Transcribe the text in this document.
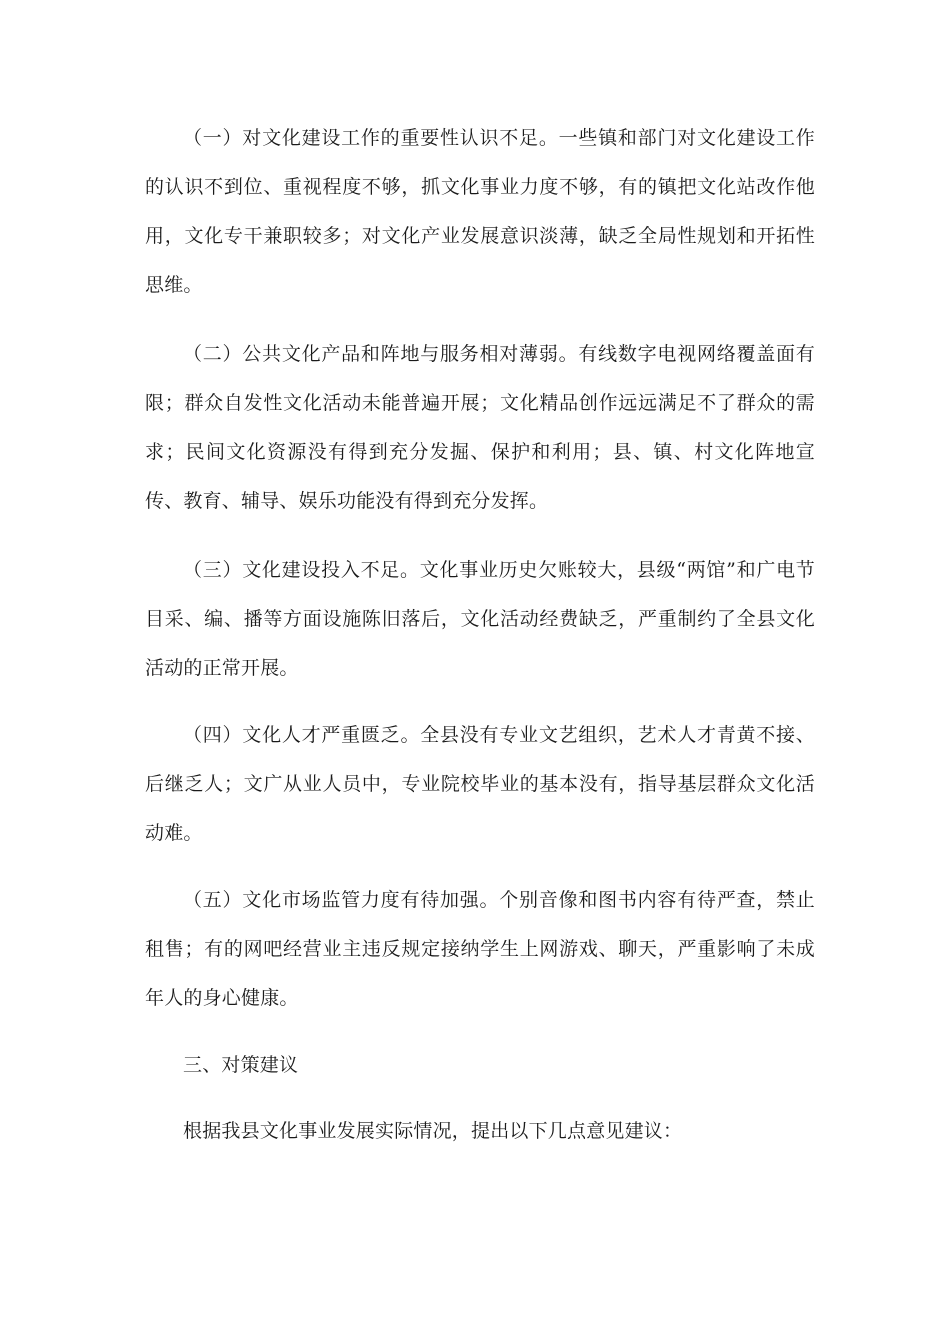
（一）对文化建设工作的重要性认识不足。一些镇和部门对文化建设工作的认识不到位、重视程度不够，抓文化事业力度不够，有的镇把文化站改作他用，文化专干兼职较多；对文化产业发展意识淡薄，缺乏全局性规划和开拓性思维。

（二）公共文化产品和阵地与服务相对薄弱。有线数字电视网络覆盖面有限；群众自发性文化活动未能普遍开展；文化精品创作远远满足不了群众的需求；民间文化资源没有得到充分发掘、保护和利用；县、镇、村文化阵地宣传、教育、辅导、娱乐功能没有得到充分发挥。

（三）文化建设投入不足。文化事业历史欠账较大，县级“两馆”和广电节目采、编、播等方面设施陈旧落后，文化活动经费缺乏，严重制约了全县文化活动的正常开展。

（四）文化人才严重匮乏。全县没有专业文艺组织，艺术人才青黄不接、后继乏人；文广从业人员中，专业院校毕业的基本没有，指导基层群众文化活动难。

（五）文化市场监管力度有待加强。个别音像和图书内容有待严查，禁止租售；有的网吧经营业主违反规定接纳学生上网游戏、聊天，严重影响了未成年人的身心健康。

三、对策建议

根据我县文化事业发展实际情况，提出以下几点意见建议：
